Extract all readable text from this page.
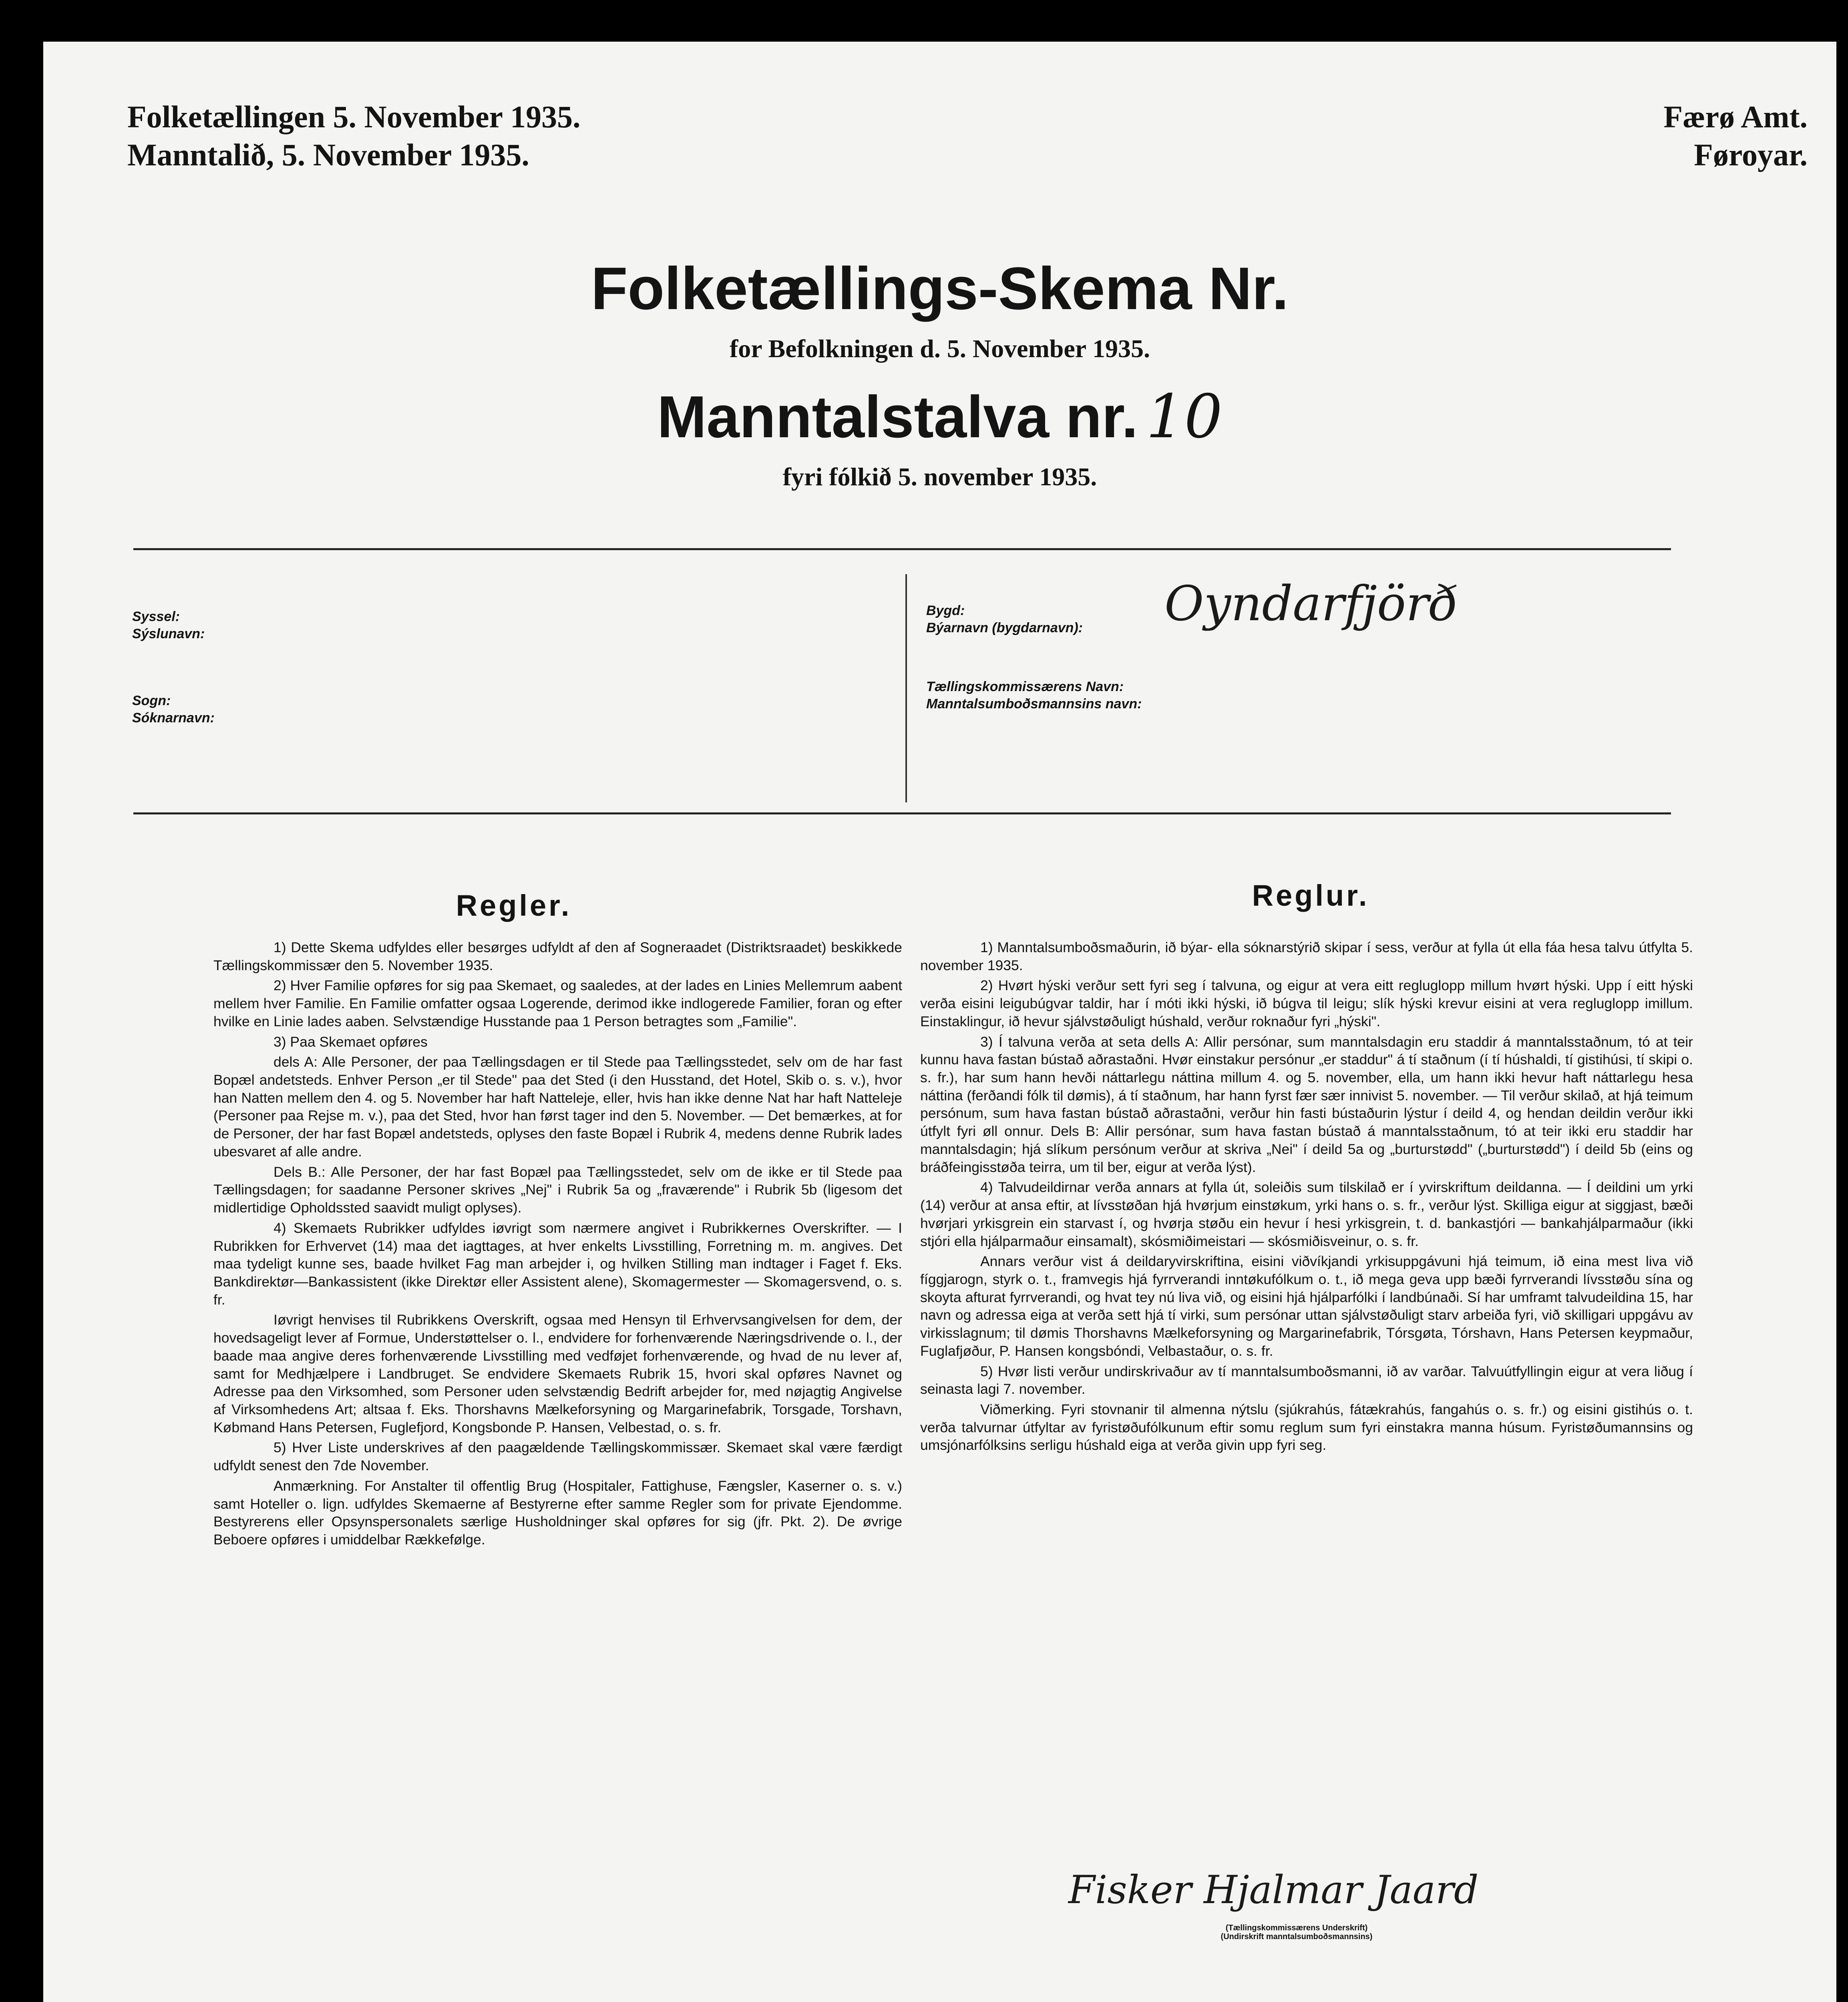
Folketællingen 5. November 1935.
Manntalið, 5. November 1935.
Færø Amt.
Føroyar.
Folketællings-Skema Nr.
for Befolkningen d. 5. November 1935.
Manntalstalva nr. 10
fyri fólkið 5. november 1935.
Syssel:
Sýslunavn:
Sogn:
Sóknarnavn:
Bygd:
Býarnavn (bygdarnavn): Oyndarfjörð
Tællingskommissærens Navn:
Manntalsumboðsmannsins navn:
Regler.	Reglur.

1) Dette Skema udfyldes eller besørges udfyldt af den af Sogneraadet (Distriktsraadet) beskikkede Tællingskommissær den 5. November 1935.

2) Hver Familie opføres for sig paa Skemaet, og saaledes, at der lades en Linies Mellemrum aabent mellem hver Familie. En Familie omfatter ogsaa Logerende, derimod ikke indlogerede Familier, foran og efter hvilke en Linie lades aaben. Selvstændige Husstande paa 1 Person betragtes som „Familie".

3) Paa Skemaet opføres

dels A: Alle Personer, der paa Tællingsdagen er til Stede paa Tællingsstedet, selv om de har fast Bopæl andetsteds. Enhver Person „er til Stede" paa det Sted (i den Husstand, det Hotel, Skib o. s. v.), hvor han Natten mellem den 4. og 5. November har haft Natteleje, eller, hvis han ikke denne Nat har haft Natteleje (Personer paa Rejse m. v.), paa det Sted, hvor han først tager ind den 5. November. — Det bemærkes, at for de Personer, der har fast Bopæl andetsteds, oplyses den faste Bopæl i Rubrik 4, medens denne Rubrik lades ubesvaret af alle andre.

Dels B.: Alle Personer, der har fast Bopæl paa Tællingsstedet, selv om de ikke er til Stede paa Tællingsdagen; for saadanne Personer skrives „Nej" i Rubrik 5a og „fraværende" i Rubrik 5b (ligesom det midlertidige Opholdssted saavidt muligt oplyses).

4) Skemaets Rubrikker udfyldes iøvrigt som nærmere angivet i Rubrikkernes Overskrifter. — I Rubrikken for Erhvervet (14) maa det iagttages, at hver enkelts Livsstilling, Forretning m. m. angives. Det maa tydeligt kunne ses, baade hvilket Fag man arbejder i, og hvilken Stilling man indtager i Faget f. Eks. Bankdirektør—Bankassistent (ikke Direktør eller Assistent alene), Skomagermester — Skomagersvend, o. s. fr.

Iøvrigt henvises til Rubrikkens Overskrift, ogsaa med Hensyn til Erhvervsangivelsen for dem, der hovedsageligt lever af Formue, Understøttelser o. l., endvidere for forhenværende Næringsdrivende o. l., der baade maa angive deres forhenværende Livsstilling med vedføjet forhenværende, og hvad de nu lever af, samt for Medhjælpere i Landbruget. Se endvidere Skemaets Rubrik 15, hvori skal opføres Navnet og Adresse paa den Virksomhed, som Personer uden selvstændig Bedrift arbejder for, med nøjagtig Angivelse af Virksomhedens Art; altsaa f. Eks. Thorshavns Mælkeforsyning og Margarinefabrik, Torsgade, Torshavn, Købmand Hans Petersen, Fuglefjord, Kongsbonde P. Hansen, Velbestad, o. s. fr.

5) Hver Liste underskrives af den paagældende Tællingskommissær. Skemaet skal være færdigt udfyldt senest den 7de November.

Anmærkning. For Anstalter til offentlig Brug (Hospitaler, Fattighuse, Fængsler, Kaserner o. s. v.) samt Hoteller o. lign. udfyldes Skemaerne af Bestyrerne efter samme Regler som for private Ejendomme. Bestyrerens eller Opsynspersonalets særlige Husholdninger skal opføres for sig (jfr. Pkt. 2). De øvrige Beboere opføres i umiddelbar Rækkefølge.

1) Manntalsumboðsmaðurin, ið býar- ella sóknarstýrið skipar í sess, verður at fylla út ella fáa hesa talvu útfylta 5. november 1935.

2) Hvørt hýski verður sett fyri seg í talvuna, og eigur at vera eitt regluglopp millum hvørt hýski. Upp í eitt hýski verða eisini leigubúgvar taldir, har í móti ikki hýski, ið búgva til leigu; slík hýski krevur eisini at vera regluglopp imillum. Einstaklingur, ið hevur sjálvstøðuligt húshald, verður roknaður fyri „hýski".

3) Í talvuna verða at seta dells A: Allir persónar, sum manntalsdagin eru staddir á manntalsstaðnum, tó at teir kunnu hava fastan bústað aðrastaðni. Hvør einstakur persónur „er staddur" á tí staðnum (í tí húshaldi, tí gistihúsi, tí skipi o. s. fr.), har sum hann hevði náttarlegu náttina millum 4. og 5. november, ella, um hann ikki hevur haft náttarlegu hesa náttina (ferðandi fólk til dømis), á tí staðnum, har hann fyrst fær sær innivist 5. november. — Til verður skilað, at hjá teimum persónum, sum hava fastan bústað aðrastaðni, verður hin fasti bústaðurin lýstur í deild 4, og hendan deildin verður ikki útfylt fyri øll onnur. Dels B: Allir persónar, sum hava fastan bústað á manntalsstaðnum, tó at teir ikki eru staddir har manntalsdagin; hjá slíkum persónum verður at skriva „Nei" í deild 5a og „burturstødd" („burturstødd") í deild 5b (eins og bráðfeingisstøða teirra, um til ber, eigur at verða lýst).

4) Talvudeildirnar verða annars at fylla út, soleiðis sum tilskilað er í yvirskriftum deildanna. — Í deildini um yrki (14) verður at ansa eftir, at lívsstøðan hjá hvørjum einstøkum, yrki hans o. s. fr., verður lýst. Skilliga eigur at siggjast, bæði hvørjari yrkisgrein ein starvast í, og hvørja støðu ein hevur í hesi yrkisgrein, t. d. bankastjóri — bankahjálparmaður (ikki stjóri ella hjálparmaður einsamalt), skósmiðimeistari — skósmiðisveinur, o. s. fr.

Annars verður vist á deildaryvirskriftina, eisini viðvíkjandi yrkisuppgávuni hjá teimum, ið eina mest liva við fíggjarogn, styrk o. t., framvegis hjá fyrrverandi inntøkufólkum o. t., ið mega geva upp bæði fyrrverandi lívsstøðu sína og skoyta afturat fyrrverandi, og hvat tey nú liva við, og eisini hjá hjálparfólki í landbúnaði. Sí har umframt talvudeildina 15, har navn og adressa eiga at verða sett hjá tí virki, sum persónar uttan sjálvstøðuligt starv arbeiða fyri, við skilligari uppgávu av virkisslagnum; til dømis Thorshavns Mælkeforsyning og Margarinefabrik, Tórsgøta, Tórshavn, Hans Petersen keypmaður, Fuglafjøður, P. Hansen kongsbóndi, Velbastaður, o. s. fr.

5) Hvør listi verður undirskrivaður av tí manntalsumboðsmanni, ið av varðar. Talvuútfyllingin eigur at vera liðug í seinasta lagi 7. november.

Viðmerking. Fyri stovnanir til almenna nýtslu (sjúkrahús, fátækrahús, fangahús o. s. fr.) og eisini gistihús o. t. verða talvurnar útfyltar av fyristøðufólkunum eftir somu reglum sum fyri einstakra manna húsum. Fyristøðumannsins og umsjónarfólksins serligu húshald eiga at verða givin upp fyri seg.

Fisker Hjalmar Jaard
(Tællingskommissærens Underskrift)
(Undirskrift manntalsumboðsmannsins)
